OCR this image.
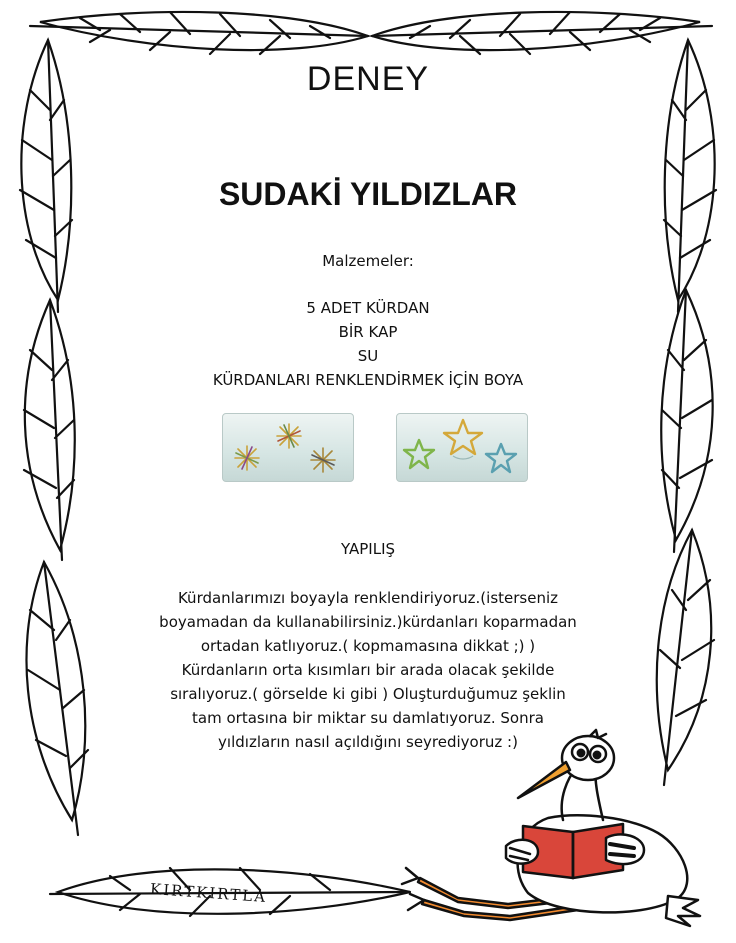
DENEY
SUDAKİ YILDIZLAR
Malzemeler:
5 ADET KÜRDAN
BİR KAP
SU
KÜRDANLARI RENKLENDİRMEK İÇİN BOYA
YAPILIŞ
Kürdanlarımızı boyayla renklendiriyoruz.(isterseniz
boyamadan da kullanabilirsiniz.)kürdanları koparmadan
ortadan katlıyoruz.( kopmamasına dikkat ;) )
Kürdanların orta kısımları bir arada olacak şekilde
sıralıyoruz.( görselde ki gibi ) Oluşturduğumuz şeklin
tam ortasına bir miktar su damlatıyoruz. Sonra
yıldızların nasıl açıldığını seyrediyoruz :)
KIRTKIRTLA
